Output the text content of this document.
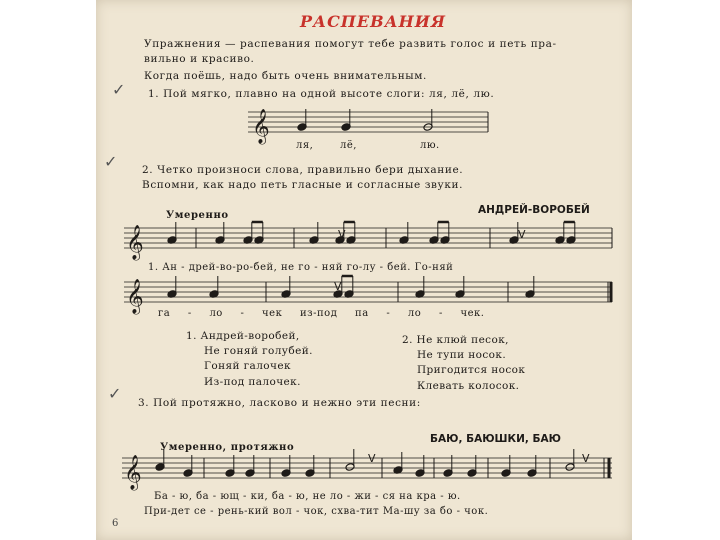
РАСПЕВАНИЯ
Упражнения — распевания помогут тебе развить голос и петь пра-
вильно и красиво.
Когда поёшь, надо быть очень внимательным.
1. Пой мягко, плавно на одной высоте слоги: ля, лё, лю.
ля,	лё,	лю.
2. Четко произноси слова, правильно бери дыхание.
Вспомни, как надо петь гласные и согласные звуки.
Умеренно	АНДРЕЙ-ВОРОБЕЙ
1. Ан - дрей-во-ро-бей, не го - няй го-лу - бей. Го-няй
га - ло - чек из-под па - ло - чек.
1. Андрей-воробей,
Не гоняй голубей.
Гоняй галочек
Из-под палочек.
2. Не клюй песок,
Не тупи носок.
Пригодится носок
Клевать колосок.
3. Пой протяжно, ласково и нежно эти песни:
Умеренно, протяжно
БАЮ, БАЮШКИ, БАЮ
Ба - ю, ба - ющ - ки, ба - ю, не ло - жи - ся на кра - ю.
При-дет се - рень-кий вол - чок, схва-тит Ма-шу за бо - чок.
6
✓
✓
✓
𝄞
𝄞	V	V
𝄞	V
𝄞	V	V
